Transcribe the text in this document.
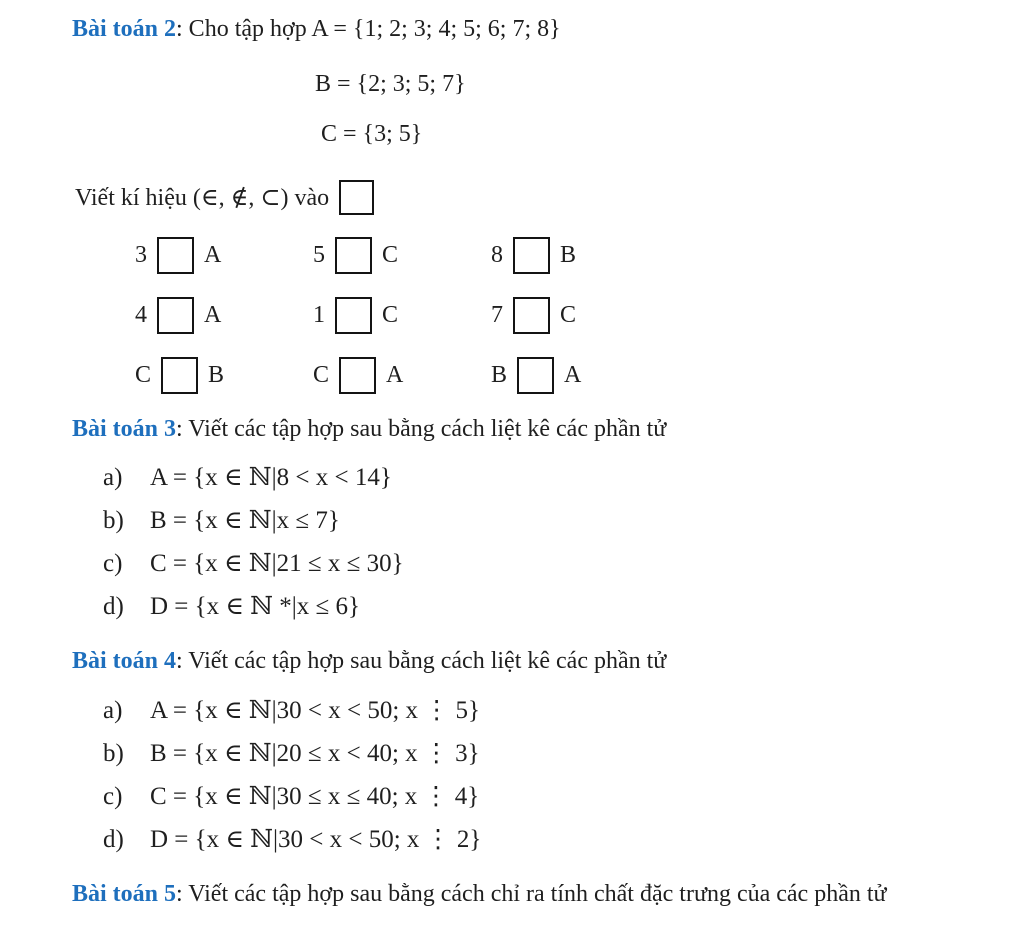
Bài toán 2: Cho tập hợp A = {1; 2; 3; 4; 5; 6; 7; 8}

B = {2; 3; 5; 7}

C = {3; 5}

Viết kí hiệu (∈, ∉, ⊂) vào

3 A	5 C	8 B
4 A	1 C	7 C
C B	C A	B A

Bài toán 3: Viết các tập hợp sau bằng cách liệt kê các phần tử

a) A = {x ∈ ℕ|8 < x < 14}
b) B = {x ∈ ℕ|x ≤ 7}
c) C = {x ∈ ℕ|21 ≤ x ≤ 30}
d) D = {x ∈ ℕ *|x ≤ 6}

Bài toán 4: Viết các tập hợp sau bằng cách liệt kê các phần tử

a) A = {x ∈ ℕ|30 < x < 50; x ⋮ 5}
b) B = {x ∈ ℕ|20 ≤ x < 40; x ⋮ 3}
c) C = {x ∈ ℕ|30 ≤ x ≤ 40; x ⋮ 4}
d) D = {x ∈ ℕ|30 < x < 50; x ⋮ 2}

Bài toán 5: Viết các tập hợp sau bằng cách chỉ ra tính chất đặc trưng của các phần tử
